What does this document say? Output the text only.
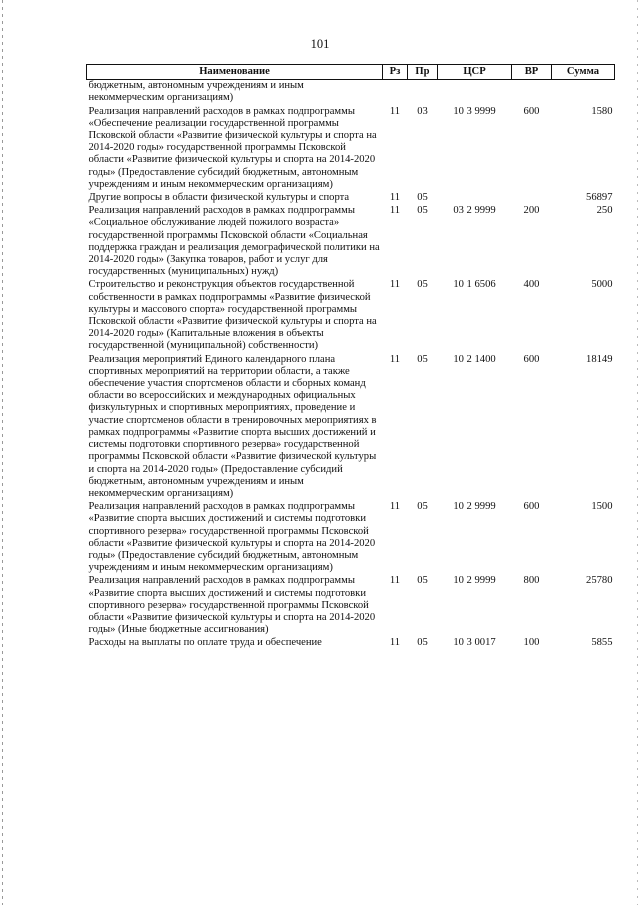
101
Наименование	Рз	Пр	ЦСР	ВР	Сумма
бюджетным, автономным учреждениям и иным некоммерческим организациям)					
Реализация направлений расходов в рамках подпрограммы «Обеспечение реализации государственной программы Псковской области «Развитие физической культуры и спорта на 2014-2020 годы» государственной программы Псковской области «Развитие физической культуры и спорта на 2014-2020 годы» (Предоставление субсидий бюджетным, автономным учреждениям и иным некоммерческим организациям)	11	03	10 3 9999	600	1580
Другие вопросы в области физической культуры и спорта	11	05			56897
Реализация направлений расходов в рамках подпрограммы «Социальное обслуживание людей пожилого возраста» государственной программы Псковской области «Социальная поддержка граждан и реализация демографической политики на 2014-2020 годы» (Закупка товаров, работ и услуг для государственных (муниципальных) нужд)	11	05	03 2 9999	200	250
Строительство и реконструкция объектов государственной собственности в рамках подпрограммы «Развитие физической культуры и массового спорта» государственной программы Псковской области «Развитие физической культуры и спорта на 2014-2020 годы» (Капитальные вложения в объекты государственной (муниципальной) собственности)	11	05	10 1 6506	400	5000
Реализация мероприятий Единого календарного плана спортивных мероприятий на территории области, а также обеспечение участия спортсменов области и сборных команд области во всероссийских и международных официальных физкультурных и спортивных мероприятиях, проведение и участие спортсменов области в тренировочных мероприятиях в рамках подпрограммы «Развитие спорта высших достижений и системы подготовки спортивного резерва» государственной программы Псковской области «Развитие физической культуры и спорта на 2014-2020 годы» (Предоставление субсидий бюджетным, автономным учреждениям и иным некоммерческим организациям)	11	05	10 2 1400	600	18149
Реализация направлений расходов в рамках подпрограммы «Развитие спорта высших достижений и системы подготовки спортивного резерва» государственной программы Псковской области «Развитие физической культуры и спорта на 2014-2020 годы» (Предоставление субсидий бюджетным, автономным учреждениям и иным некоммерческим организациям)	11	05	10 2 9999	600	1500
Реализация направлений расходов в рамках подпрограммы «Развитие спорта высших достижений и системы подготовки спортивного резерва» государственной программы Псковской области «Развитие физической культуры и спорта на 2014-2020 годы» (Иные бюджетные ассигнования)	11	05	10 2 9999	800	25780
Расходы на выплаты по оплате труда и обеспечение	11	05	10 3 0017	100	5855
